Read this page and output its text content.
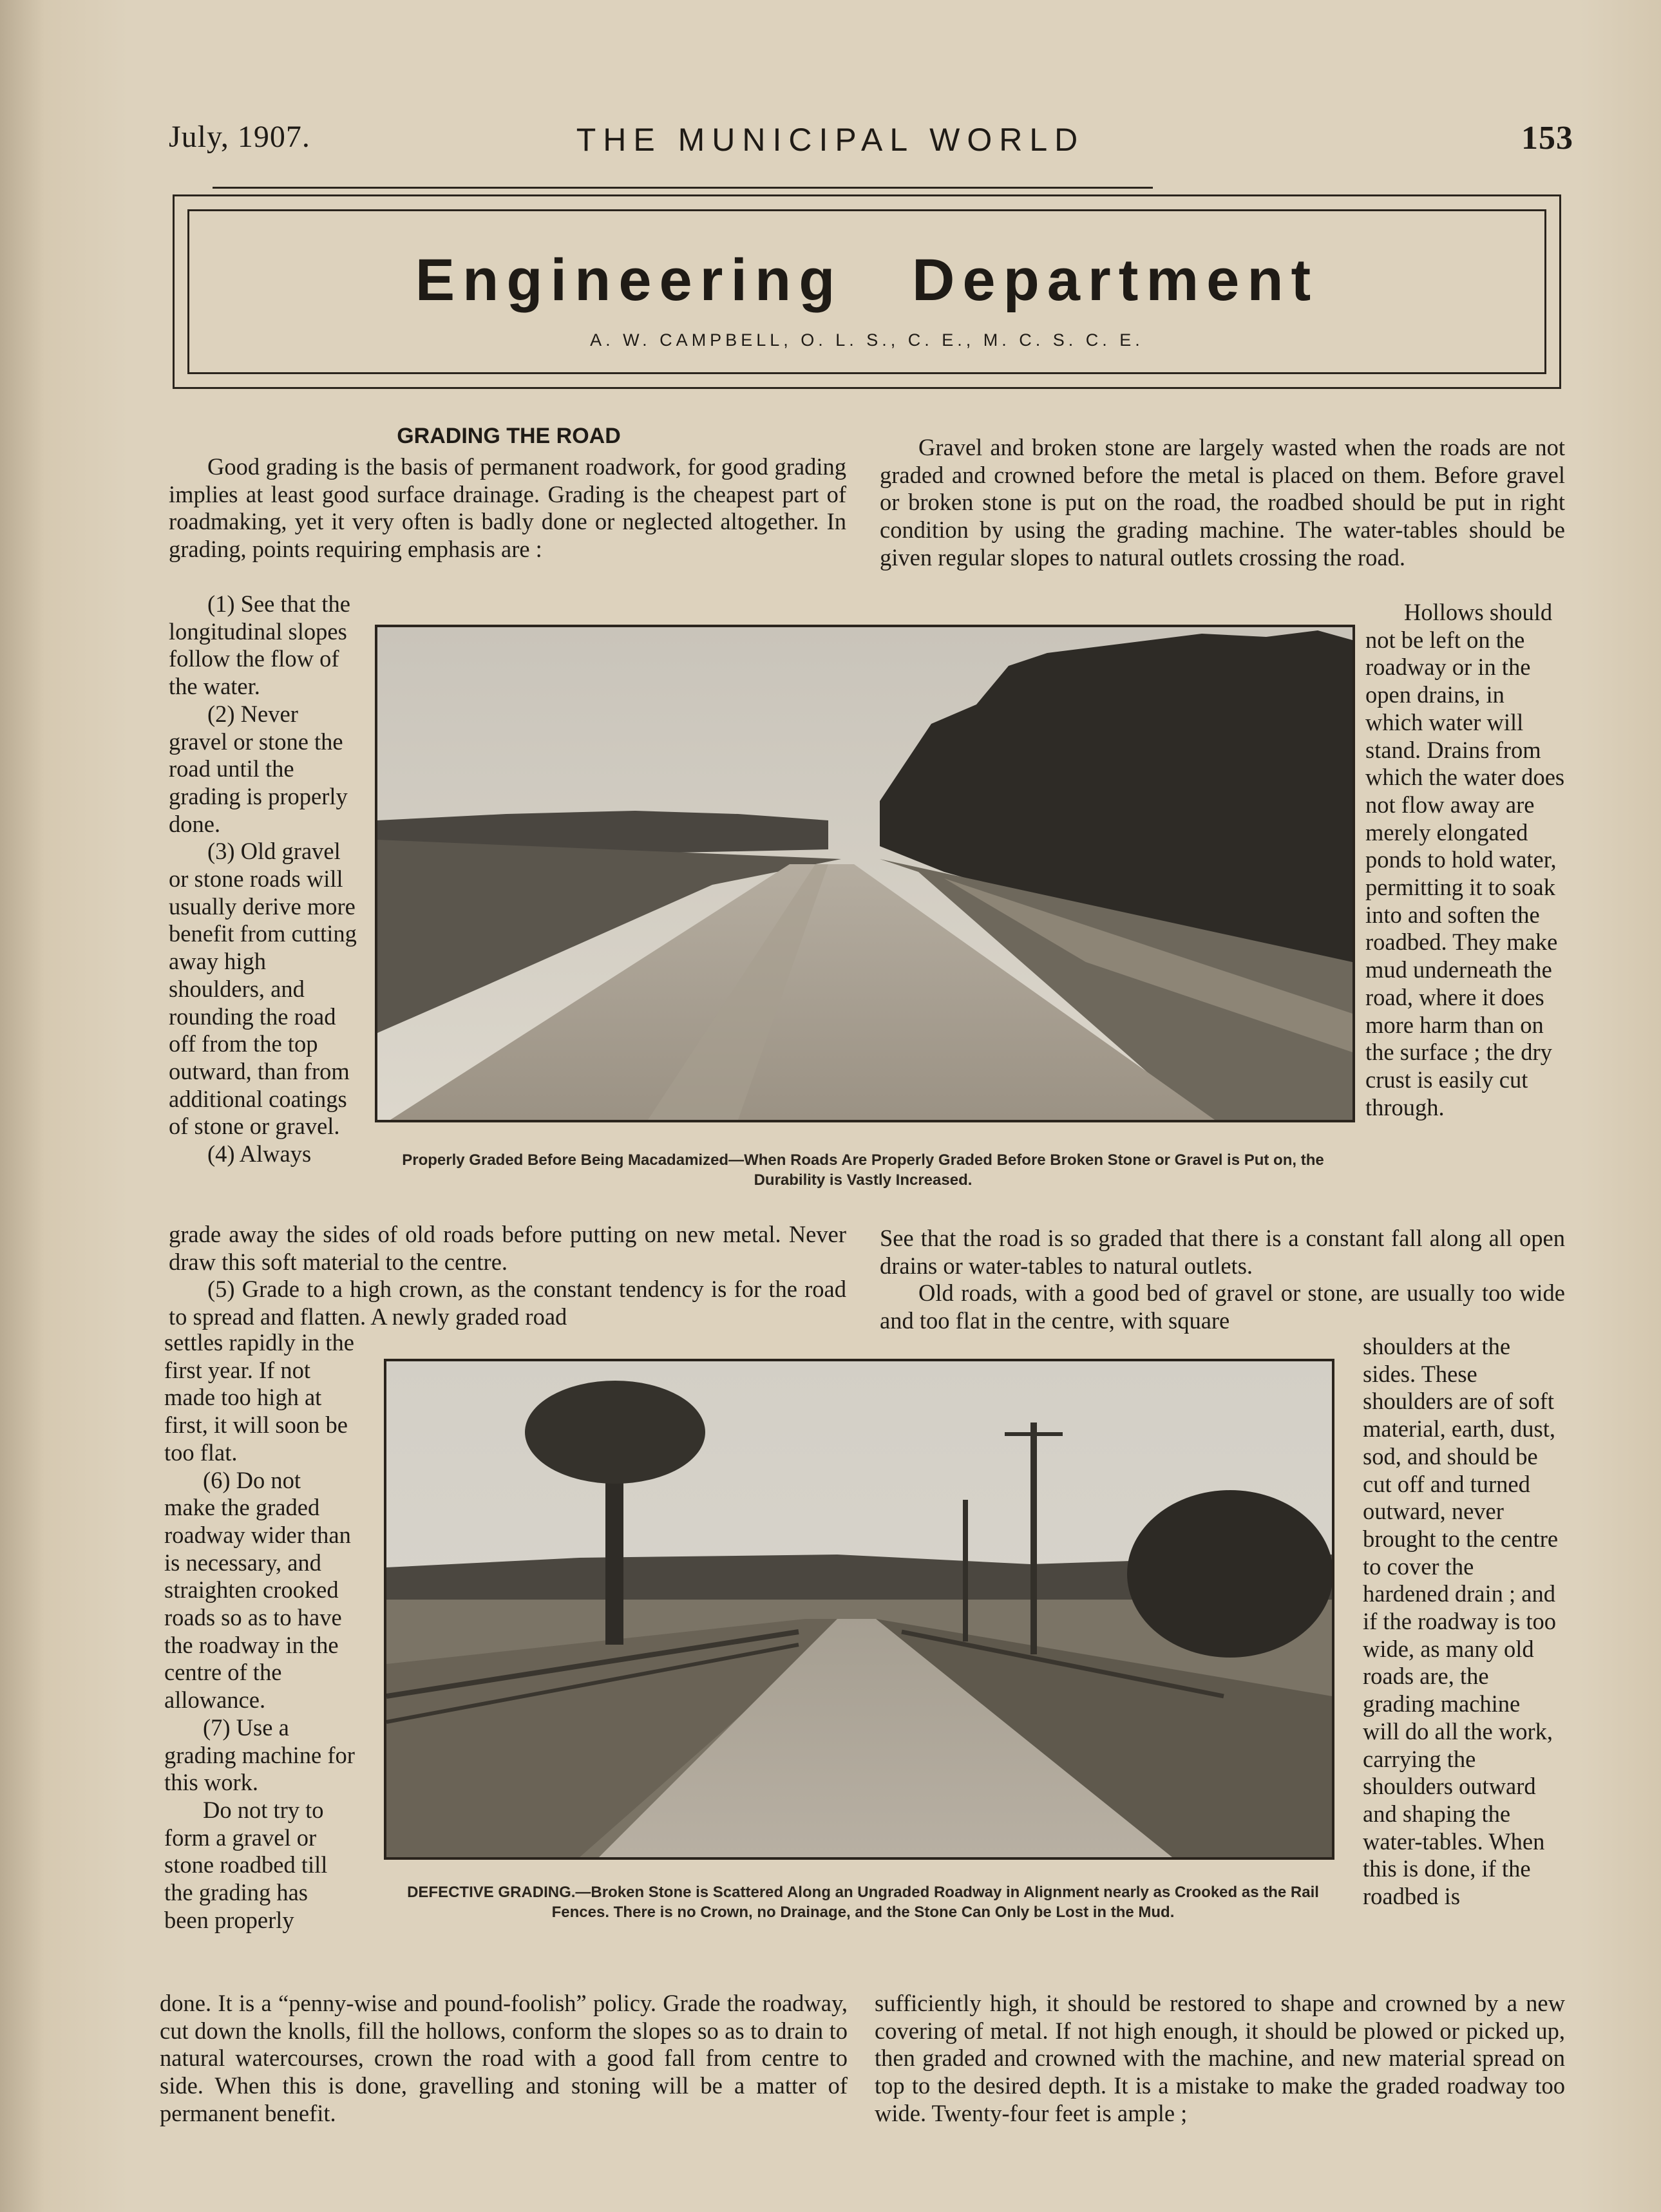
July, 1907.	THE MUNICIPAL WORLD	153
Engineering Department
A. W. CAMPBELL, O. L. S., C. E., M. C. S. C. E.
GRADING THE ROAD

Good grading is the basis of permanent roadwork, for good grading implies at least good surface drainage. Grading is the cheapest part of roadmaking, yet it very often is badly done or neglected altogether. In grading, points requiring emphasis are :

(1) See that the longitudinal slopes follow the flow of the water.

(2) Never gravel or stone the road until the grading is properly done.

(3) Old gravel or stone roads will usually derive more benefit from cutting away high shoulders, and rounding the road off from the top outward, than from additional coatings of stone or gravel.

(4) Always

grade away the sides of old roads before putting on new metal. Never draw this soft material to the centre.

(5) Grade to a high crown, as the constant tendency is for the road to spread and flatten. A newly graded road

settles rapidly in the first year. If not made too high at first, it will soon be too flat.

(6) Do not make the graded roadway wider than is necessary, and straighten crooked roads so as to have the roadway in the centre of the allowance.

(7) Use a grading machine for this work.

Do not try to form a gravel or stone roadbed till the grading has been properly

done. It is a “penny-wise and pound-foolish” policy. Grade the roadway, cut down the knolls, fill the hollows, conform the slopes so as to drain to natural watercourses, crown the road with a good fall from centre to side. When this is done, gravelling and stoning will be a matter of permanent benefit.

Gravel and broken stone are largely wasted when the roads are not graded and crowned before the metal is placed on them. Before gravel or broken stone is put on the road, the roadbed should be put in right condition by using the grading machine. The water-tables should be given regular slopes to natural outlets crossing the road.

Hollows should not be left on the roadway or in the open drains, in which water will stand. Drains from which the water does not flow away are merely elongated ponds to hold water, permitting it to soak into and soften the roadbed. They make mud underneath the road, where it does more harm than on the surface ; the dry crust is easily cut through.

See that the road is so graded that there is a constant fall along all open drains or water-tables to natural outlets.

Old roads, with a good bed of gravel or stone, are usually too wide and too flat in the centre, with square

shoulders at the sides. These shoulders are of soft material, earth, dust, sod, and should be cut off and turned outward, never brought to the centre to cover the hardened drain ; and if the roadway is too wide, as many old roads are, the grading machine will do all the work, carrying the shoulders outward and shaping the water-tables. When this is done, if the roadbed is

sufficiently high, it should be restored to shape and crowned by a new covering of metal. If not high enough, it should be plowed or picked up, then graded and crowned with the machine, and new material spread on top to the desired depth. It is a mistake to make the graded roadway too wide. Twenty-four feet is ample ;

Properly Graded Before Being Macadamized—When Roads Are Properly Graded Before Broken Stone or Gravel is Put on, the Durability is Vastly Increased.
DEFECTIVE GRADING.—Broken Stone is Scattered Along an Ungraded Roadway in Alignment nearly as Crooked as the Rail Fences. There is no Crown, no Drainage, and the Stone Can Only be Lost in the Mud.
